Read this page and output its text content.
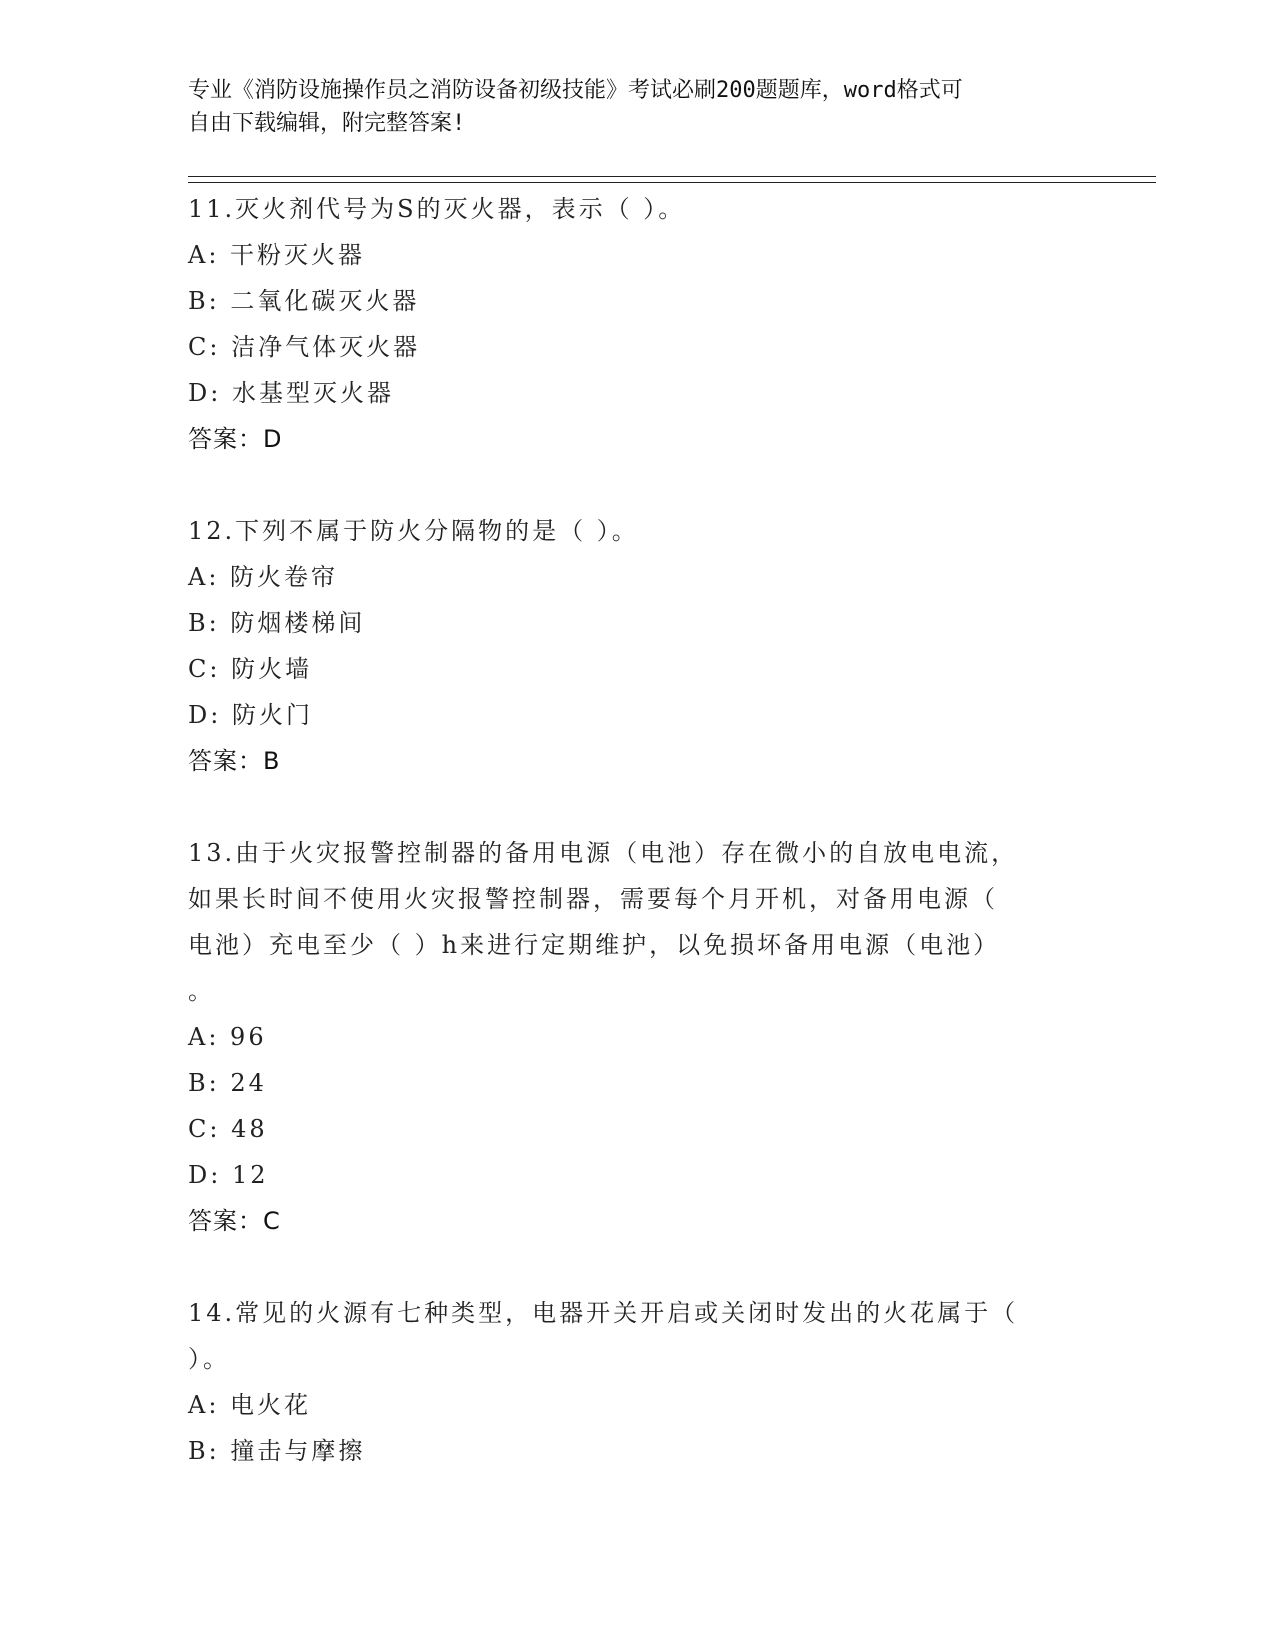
专业《消防设施操作员之消防设备初级技能》考试必刷200题题库，word格式可
自由下载编辑，附完整答案!
11.灭火剂代号为S的灭火器，表示（ ）。
A: 干粉灭火器
B: 二氧化碳灭火器
C: 洁净气体灭火器
D: 水基型灭火器
答案：D
12.下列不属于防火分隔物的是（ ）。
A: 防火卷帘
B: 防烟楼梯间
C: 防火墙
D: 防火门
答案：B
13.由于火灾报警控制器的备用电源（电池）存在微小的自放电电流，
如果长时间不使用火灾报警控制器，需要每个月开机，对备用电源（
电池）充电至少（ ）h来进行定期维护，以免损坏备用电源（电池）
。
A: 96
B: 24
C: 48
D: 12
答案：C
14.常见的火源有七种类型，电器开关开启或关闭时发出的火花属于（
）。
A: 电火花
B: 撞击与摩擦
